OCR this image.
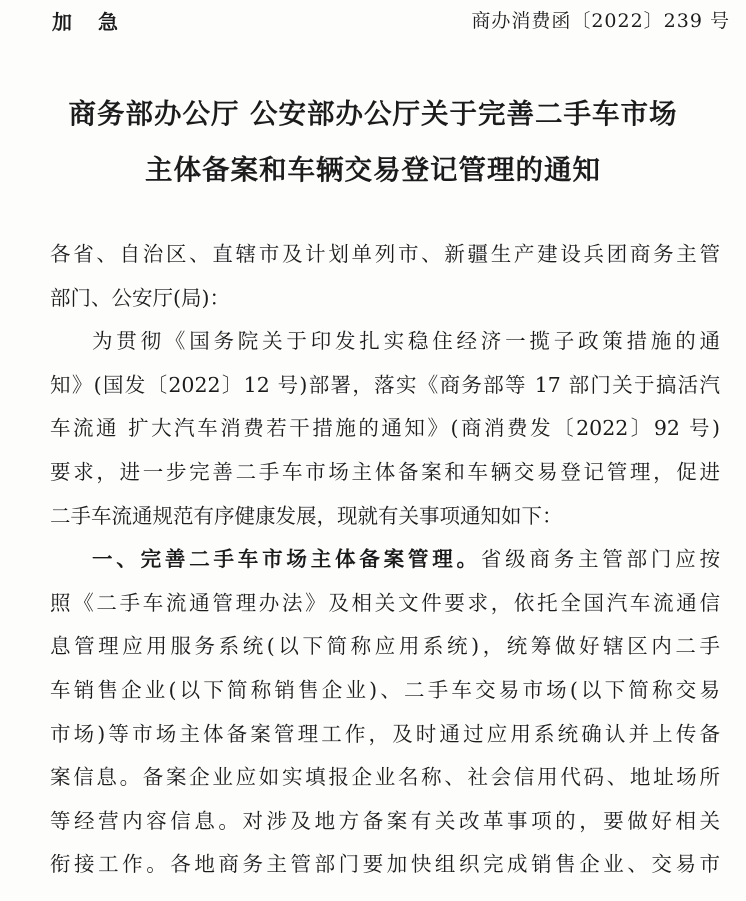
加急	商办消费函〔2022〕239 号
商务部办公厅 公安部办公厅关于完善二手车市场
主体备案和车辆交易登记管理的通知
各省、自治区、直辖市及计划单列市、新疆生产建设兵团商务主管
部门、公安厅(局)：
为贯彻《国务院关于印发扎实稳住经济一揽子政策措施的通
知》(国发〔2022〕12 号)部署，落实《商务部等 17 部门关于搞活汽
车流通 扩大汽车消费若干措施的通知》(商消费发〔2022〕92 号)
要求，进一步完善二手车市场主体备案和车辆交易登记管理，促进
二手车流通规范有序健康发展，现就有关事项通知如下：
一、完善二手车市场主体备案管理。省级商务主管部门应按
照《二手车流通管理办法》及相关文件要求，依托全国汽车流通信
息管理应用服务系统(以下简称应用系统)，统筹做好辖区内二手
车销售企业(以下简称销售企业)、二手车交易市场(以下简称交易
市场)等市场主体备案管理工作，及时通过应用系统确认并上传备
案信息。备案企业应如实填报企业名称、社会信用代码、地址场所
等经营内容信息。对涉及地方备案有关改革事项的，要做好相关
衔接工作。各地商务主管部门要加快组织完成销售企业、交易市
